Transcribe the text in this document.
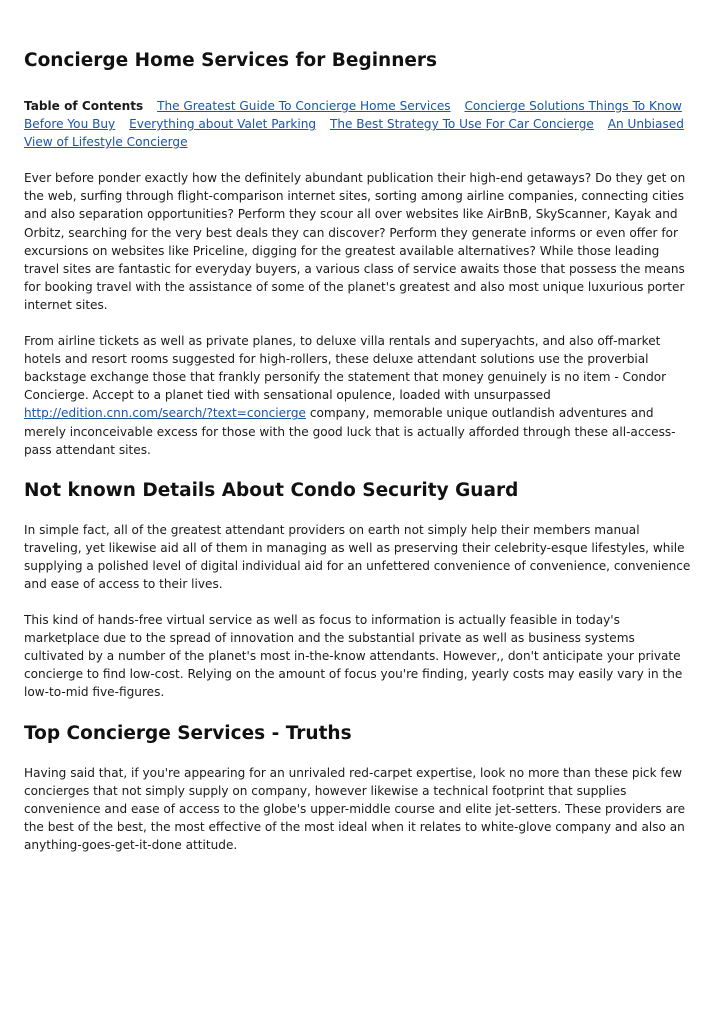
Concierge Home Services for Beginners
Table of Contents The Greatest Guide To Concierge Home Services Concierge Solutions Things To Know Before You Buy Everything about Valet Parking The Best Strategy To Use For Car Concierge An Unbiased View of Lifestyle Concierge

Ever before ponder exactly how the definitely abundant publication their high-end getaways? Do they get on the web, surfing through flight-comparison internet sites, sorting among airline companies, connecting cities and also separation opportunities? Perform they scour all over websites like AirBnB, SkyScanner, Kayak and Orbitz, searching for the very best deals they can discover? Perform they generate informs or even offer for excursions on websites like Priceline, digging for the greatest available alternatives? While those leading travel sites are fantastic for everyday buyers, a various class of service awaits those that possess the means for booking travel with the assistance of some of the planet's greatest and also most unique luxurious porter internet sites.

From airline tickets as well as private planes, to deluxe villa rentals and superyachts, and also off-market hotels and resort rooms suggested for high-rollers, these deluxe attendant solutions use the proverbial backstage exchange those that frankly personify the statement that money genuinely is no item - Condor Concierge. Accept to a planet tied with sensational opulence, loaded with unsurpassed http://edition.cnn.com/search/?text=concierge company, memorable unique outlandish adventures and merely inconceivable excess for those with the good luck that is actually afforded through these all-access-pass attendant sites.

Not known Details About Condo Security Guard

In simple fact, all of the greatest attendant providers on earth not simply help their members manual traveling, yet likewise aid all of them in managing as well as preserving their celebrity-esque lifestyles, while supplying a polished level of digital individual aid for an unfettered convenience of convenience, convenience and ease of access to their lives.

This kind of hands-free virtual service as well as focus to information is actually feasible in today's marketplace due to the spread of innovation and the substantial private as well as business systems cultivated by a number of the planet's most in-the-know attendants. However,, don't anticipate your private concierge to find low-cost. Relying on the amount of focus you're finding, yearly costs may easily vary in the low-to-mid five-figures.

Top Concierge Services - Truths

Having said that, if you're appearing for an unrivaled red-carpet expertise, look no more than these pick few concierges that not simply supply on company, however likewise a technical footprint that supplies convenience and ease of access to the globe's upper-middle course and elite jet-setters. These providers are the best of the best, the most effective of the most ideal when it relates to white-glove company and also an anything-goes-get-it-done attitude.
